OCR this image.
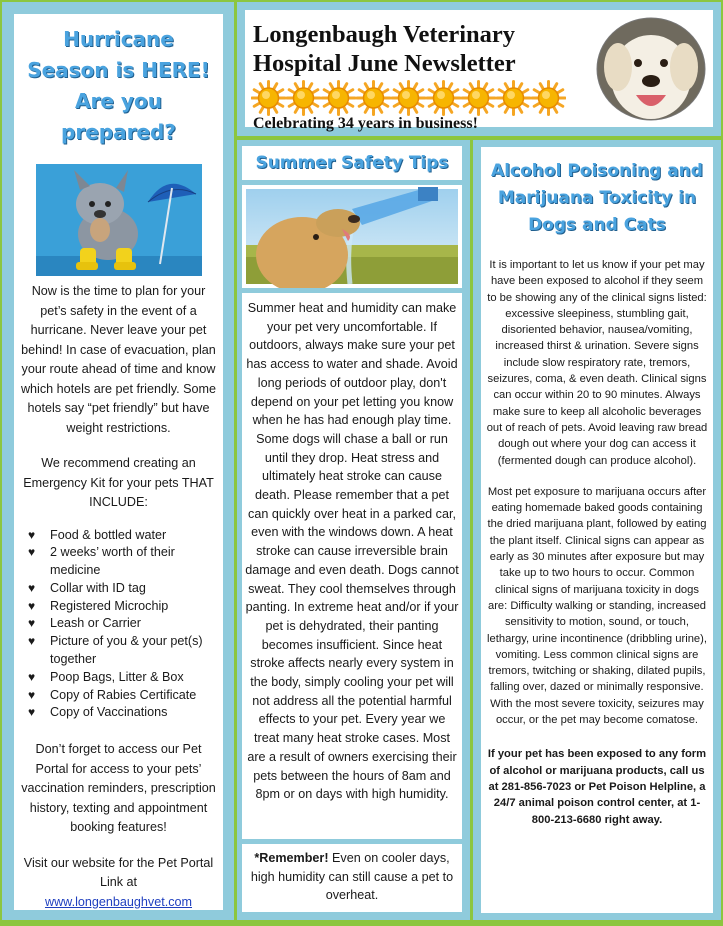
Hurricane Season is HERE! Are you prepared?

Now is the time to plan for your pet’s safety in the event of a hurricane. Never leave your pet behind! In case of evacuation, plan your route ahead of time and know which hotels are pet friendly. Some hotels say “pet friendly” but have weight restrictions.

We recommend creating an Emergency Kit for your pets THAT INCLUDE:

♥	Food & bottled water
♥	2 weeks’ worth of their medicine
♥	Collar with ID tag
♥	Registered Microchip
♥	Leash or Carrier
♥	Picture of you & your pet(s) together
♥	Poop Bags, Litter & Box
♥	Copy of Rabies Certificate
♥	Copy of Vaccinations

Don’t forget to access our Pet Portal for access to your pets’ vaccination reminders, prescription history, texting and appointment booking features!

Visit our website for the Pet Portal Link at

www.longenbaughvet.com

Longenbaugh Veterinary Hospital June Newsletter
Celebrating 34 years in business!
Summer Safety Tips

Summer heat and humidity can make your pet very uncomfortable. If outdoors, always make sure your pet has access to water and shade. Avoid long periods of outdoor play, don't depend on your pet letting you know when he has had enough play time. Some dogs will chase a ball or run until they drop. Heat stress and ultimately heat stroke can cause death. Please remember that a pet can quickly over heat in a parked car, even with the windows down. A heat stroke can cause irreversible brain damage and even death. Dogs cannot sweat. They cool themselves through panting. In extreme heat and/or if your pet is dehydrated, their panting becomes insufficient. Since heat stroke affects nearly every system in the body, simply cooling your pet will not address all the potential harmful effects to your pet. Every year we treat many heat stroke cases. Most are a result of owners exercising their pets between the hours of 8am and 8pm or on days with high humidity.

*Remember! Even on cooler days, high humidity can still cause a pet to overheat.

Alcohol Poisoning and Marijuana Toxicity in Dogs and Cats

It is important to let us know if your pet may have been exposed to alcohol if they seem to be showing any of the clinical signs listed: excessive sleepiness, stumbling gait, disoriented behavior, nausea/vomiting, increased thirst & urination. Severe signs include slow respiratory rate, tremors, seizures, coma, & even death. Clinical signs can occur within 20 to 90 minutes. Always make sure to keep all alcoholic beverages out of reach of pets. Avoid leaving raw bread dough out where your dog can access it (fermented dough can produce alcohol).

Most pet exposure to marijuana occurs after eating homemade baked goods containing the dried marijuana plant, followed by eating the plant itself. Clinical signs can appear as early as 30 minutes after exposure but may take up to two hours to occur. Common clinical signs of marijuana toxicity in dogs are: Difficulty walking or standing, increased sensitivity to motion, sound, or touch, lethargy, urine incontinence (dribbling urine), vomiting. Less common clinical signs are tremors, twitching or shaking, dilated pupils, falling over, dazed or minimally responsive. With the most severe toxicity, seizures may occur, or the pet may become comatose.

If your pet has been exposed to any form of alcohol or marijuana products, call us at 281-856-7023 or Pet Poison Helpline, a 24/7 animal poison control center, at 1-800-213-6680 right away.
